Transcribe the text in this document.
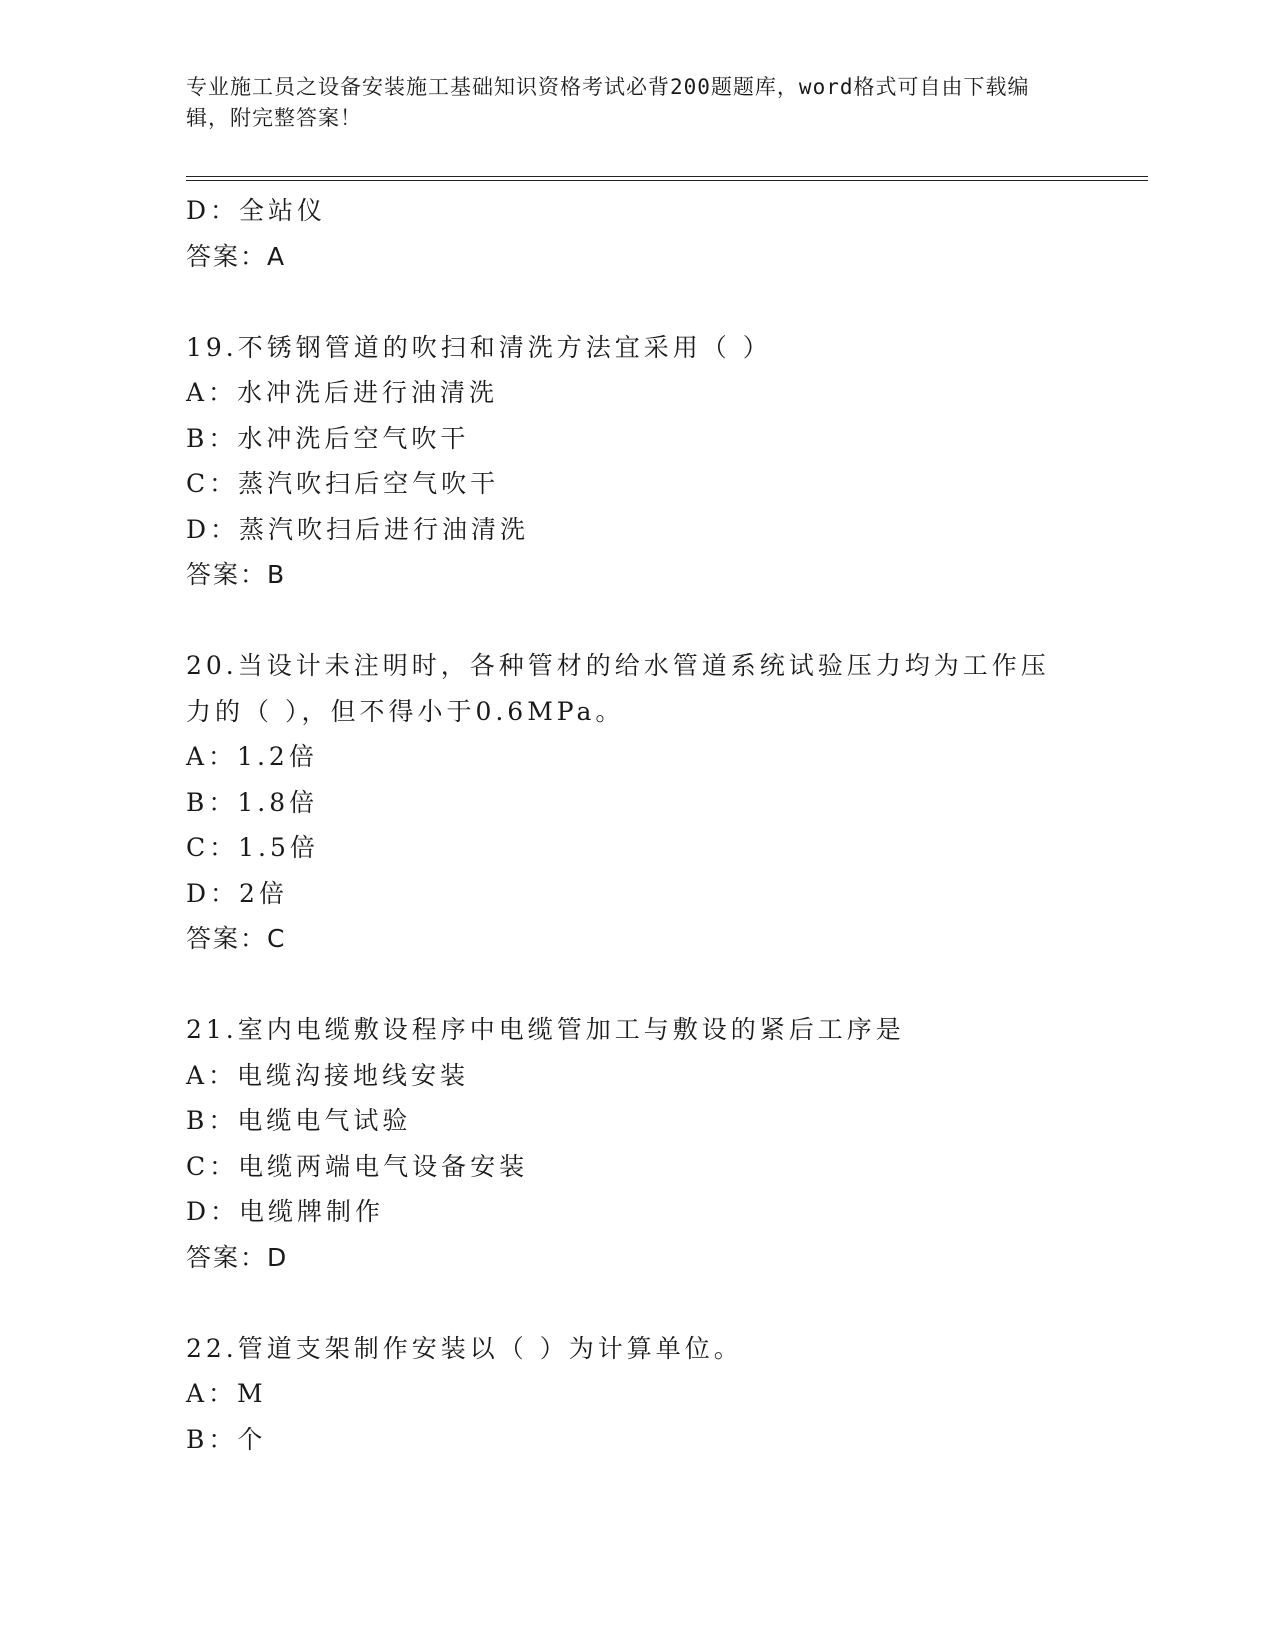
专业施工员之设备安装施工基础知识资格考试必背200题题库，word格式可自由下载编辑，附完整答案！
D：全站仪
答案：A
19.不锈钢管道的吹扫和清洗方法宜采用（ ）
A：水冲洗后进行油清洗
B：水冲洗后空气吹干
C：蒸汽吹扫后空气吹干
D：蒸汽吹扫后进行油清洗
答案：B
20.当设计未注明时，各种管材的给水管道系统试验压力均为工作压力的（ ），但不得小于0.6MPa。
A：1.2倍
B：1.8倍
C：1.5倍
D：2倍
答案：C
21.室内电缆敷设程序中电缆管加工与敷设的紧后工序是
A：电缆沟接地线安装
B：电缆电气试验
C：电缆两端电气设备安装
D：电缆牌制作
答案：D
22.管道支架制作安装以（ ）为计算单位。
A：M
B：个
